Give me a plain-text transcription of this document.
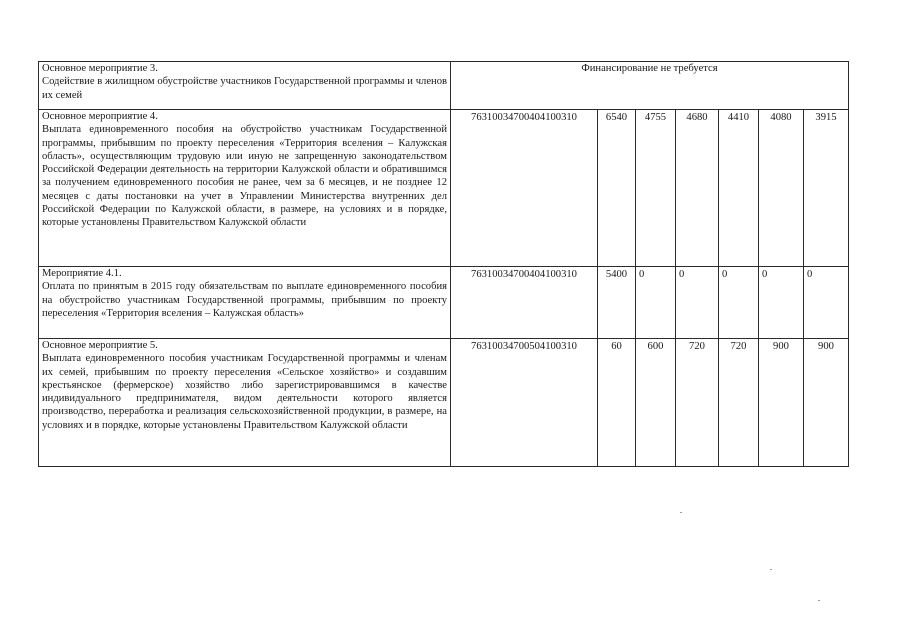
Основное мероприятие 3.
Содействие в жилищном обустройстве участников Государственной программы и членов их семей	Финансирование не требуется						

Основное мероприятие 4.
Выплата единовременного пособия на обустройство участникам Государственной программы, прибывшим по проекту переселения «Территория вселения – Калужская область», осуществляющим трудовую или иную не запрещенную законодательством Российской Федерации деятельность на территории Калужской области и обратившимся за получением единовременного пособия не ранее, чем за 6 месяцев, и не позднее 12 месяцев с даты постановки на учет в Управлении Министерства внутренних дел Российской Федерации по Калужской области, в размере, на условиях и в порядке, которые установлены Правительством Калужской области	76310034700404100310	6540	4755	4680	4410	4080	3915

Мероприятие 4.1.
Оплата по принятым в 2015 году обязательствам по выплате единовременного пособия на обустройство участникам Государственной программы, прибывшим по проекту переселения «Территория вселения – Калужская область»	76310034700404100310	5400	0	0	0	0	0

Основное мероприятие 5.
Выплата единовременного пособия участникам Государственной программы и членам их семей, прибывшим по проекту переселения «Сельское хозяйство» и создавшим крестьянское (фермерское) хозяйство либо зарегистрировавшимся в качестве индивидуального предпринимателя, видом деятельности которого является производство, переработка и реализация сельскохозяйственной продукции, в размере, на условиях и в порядке, которые установлены Правительством Калужской области	76310034700504100310	60	600	720	720	900	900
